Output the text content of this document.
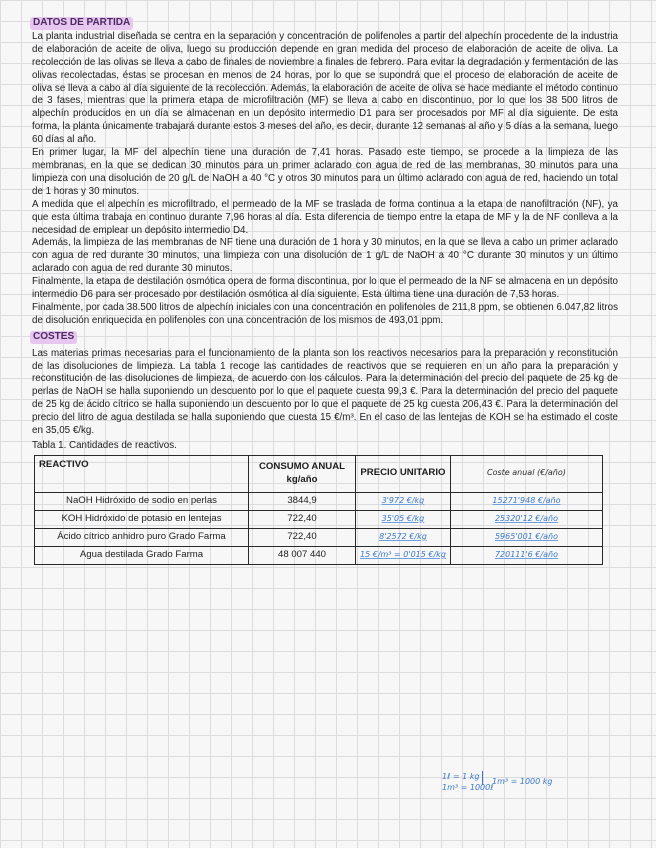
DATOS DE PARTIDA

La planta industrial diseñada se centra en la separación y concentración de polifenoles a partir del alpechín procedente de la industria de elaboración de aceite de oliva, luego su producción depende en gran medida del proceso de elaboración de aceite de oliva. La recolección de las olivas se lleva a cabo de finales de noviembre a finales de febrero. Para evitar la degradación y fermentación de las olivas recolectadas, éstas se procesan en menos de 24 horas, por lo que se supondrá que el proceso de elaboración de aceite de oliva se lleva a cabo al día siguiente de la recolección. Además, la elaboración de aceite de oliva se hace mediante el método continuo de 3 fases, mientras que la primera etapa de microfiltración (MF) se lleva a cabo en discontinuo, por lo que los 38 500 litros de alpechín producidos en un día se almacenan en un depósito intermedio D1 para ser procesados por MF al día siguiente. De esta forma, la planta únicamente trabajará durante estos 3 meses del año, es decir, durante 12 semanas al año y 5 días a la semana, luego 60 días al año.

En primer lugar, la MF del alpechín tiene una duración de 7,41 horas. Pasado este tiempo, se procede a la limpieza de las membranas, en la que se dedican 30 minutos para un primer aclarado con agua de red de las membranas, 30 minutos para una limpieza con una disolución de 20 g/L de NaOH a 40 °C y otros 30 minutos para un último aclarado con agua de red, haciendo un total de 1 horas y 30 minutos.

A medida que el alpechín es microfiltrado, el permeado de la MF se traslada de forma continua a la etapa de nanofiltración (NF), ya que esta última trabaja en continuo durante 7,96 horas al día. Esta diferencia de tiempo entre la etapa de MF y la de NF conlleva a la necesidad de emplear un depósito intermedio D4.

Además, la limpieza de las membranas de NF tiene una duración de 1 hora y 30 minutos, en la que se lleva a cabo un primer aclarado con agua de red durante 30 minutos, una limpieza con una disolución de 1 g/L de NaOH a 40 °C durante 30 minutos y un último aclarado con agua de red durante 30 minutos.

Finalmente, la etapa de destilación osmótica opera de forma discontinua, por lo que el permeado de la NF se almacena en un depósito intermedio D6 para ser procesado por destilación osmótica al día siguiente. Esta última tiene una duración de 7,53 horas.

Finalmente, por cada 38.500 litros de alpechín iniciales con una concentración en polifenoles de 211,8 ppm, se obtienen 6.047,82 litros de disolución enriquecida en polifenoles con una concentración de los mismos de 493,01 ppm.

COSTES

Las materias primas necesarias para el funcionamiento de la planta son los reactivos necesarios para la preparación y reconstitución de las disoluciones de limpieza. La tabla 1 recoge las cantidades de reactivos que se requieren en un año para la preparación y reconstitución de las disoluciones de limpieza, de acuerdo con los cálculos. Para la determinación del precio del paquete de 25 kg de perlas de NaOH se halla suponiendo un descuento por lo que el paquete cuesta 99,3 €. Para la determinación del precio del paquete de 25 kg de ácido cítrico se halla suponiendo un descuento por lo que el paquete de 25 kg cuesta 206,43 €. Para la determinación del precio del litro de agua destilada se halla suponiendo que cuesta 15 €/m³. En el caso de las lentejas de KOH se ha estimado el coste en 35,05 €/kg.

Tabla 1. Cantidades de reactivos.
REACTIVO	CONSUMO ANUAL kg/año	PRECIO UNITARIO	Coste anual (€/año)
NaOH Hidróxido de sodio en perlas	3844,9	3'972 €/kg	15271'948 €/año
KOH Hidróxido de potasio en lentejas	722,40	35'05 €/kg	25320'12 €/año
Ácido cítrico anhidro puro Grado Farma	722,40	8'2572 €/kg	5965'001 €/año
Agua destilada Grado Farma	48 007 440	15 €/m³ = 0'015 €/kg	720111'6 €/año
1ℓ = 1 kg
1m³ = 1000ℓ
1m³ = 1000 kg
